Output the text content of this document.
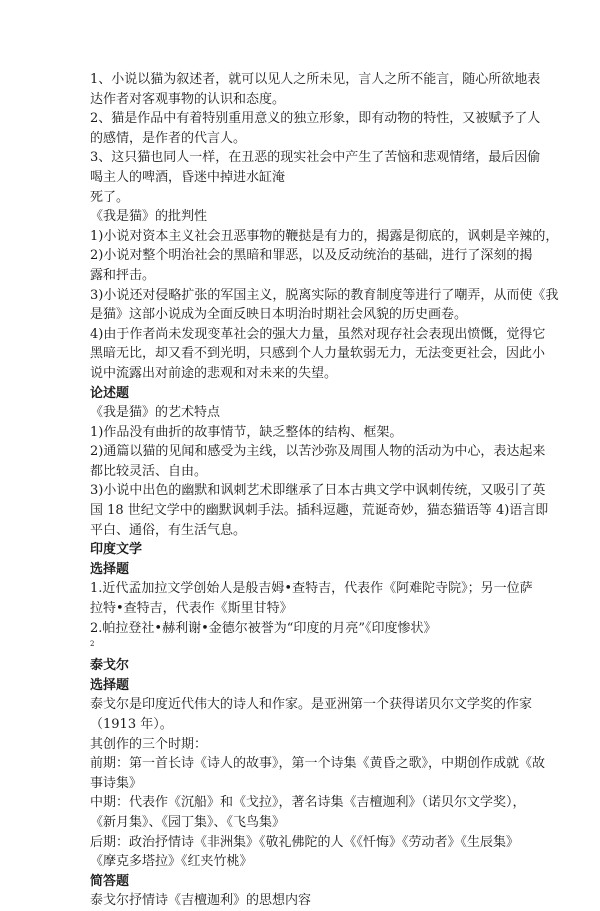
1、小说以猫为叙述者，就可以见人之所未见，言人之所不能言，随心所欲地表
达作者对客观事物的认识和态度。
2、猫是作品中有着特别重用意义的独立形象，即有动物的特性，又被赋予了人
的感情，是作者的代言人。
3、这只猫也同人一样，在丑恶的现实社会中产生了苦恼和悲观情绪，最后因偷
喝主人的啤酒，昏迷中掉进水缸淹
死了。
《我是猫》的批判性
1)小说对资本主义社会丑恶事物的鞭挞是有力的，揭露是彻底的，讽刺是辛辣的，
2)小说对整个明治社会的黑暗和罪恶，以及反动统治的基础，进行了深刻的揭
露和抨击。
3)小说还对侵略扩张的军国主义，脱离实际的教育制度等进行了嘲弄，从而使《我
是猫》这部小说成为全面反映日本明治时期社会风貌的历史画卷。
4)由于作者尚未发现变革社会的强大力量，虽然对现存社会表现出愤慨，觉得它
黑暗无比，却又看不到光明，只感到个人力量软弱无力，无法变更社会，因此小
说中流露出对前途的悲观和对未来的失望。
论述题
《我是猫》的艺术特点
1)作品没有曲折的故事情节，缺乏整体的结构、框架。
2)通篇以猫的见闻和感受为主线，以苦沙弥及周围人物的活动为中心，表达起来
都比较灵活、自由。
3)小说中出色的幽默和讽刺艺术即继承了日本古典文学中讽刺传统，又吸引了英
国 18 世纪文学中的幽默讽刺手法。插科逗趣，荒诞奇妙，猫态猫语等 4)语言即
平白、通俗，有生活气息。
印度文学
选择题
1.近代孟加拉文学创始人是般吉姆•查特吉，代表作《阿难陀寺院》；另一位萨
拉特•查特吉，代表作《斯里甘特》
2.帕拉登社•赫利谢•金德尔被誉为“印度的月亮”《印度惨状》
2
泰戈尔
选择题
泰戈尔是印度近代伟大的诗人和作家。是亚洲第一个获得诺贝尔文学奖的作家
（1913 年）。
其创作的三个时期：
前期：第一首长诗《诗人的故事》，第一个诗集《黄昏之歌》，中期创作成就《故
事诗集》
中期：代表作《沉船》和《戈拉》，著名诗集《吉檀迦利》（诺贝尔文学奖），
《新月集》、《园丁集》、《飞鸟集》
后期：政治抒情诗《非洲集》《敬礼佛陀的人《《忏悔》《劳动者》《生辰集》
《摩克多塔拉》《红夹竹桃》
简答题
泰戈尔抒情诗《吉檀迦利》的思想内容
